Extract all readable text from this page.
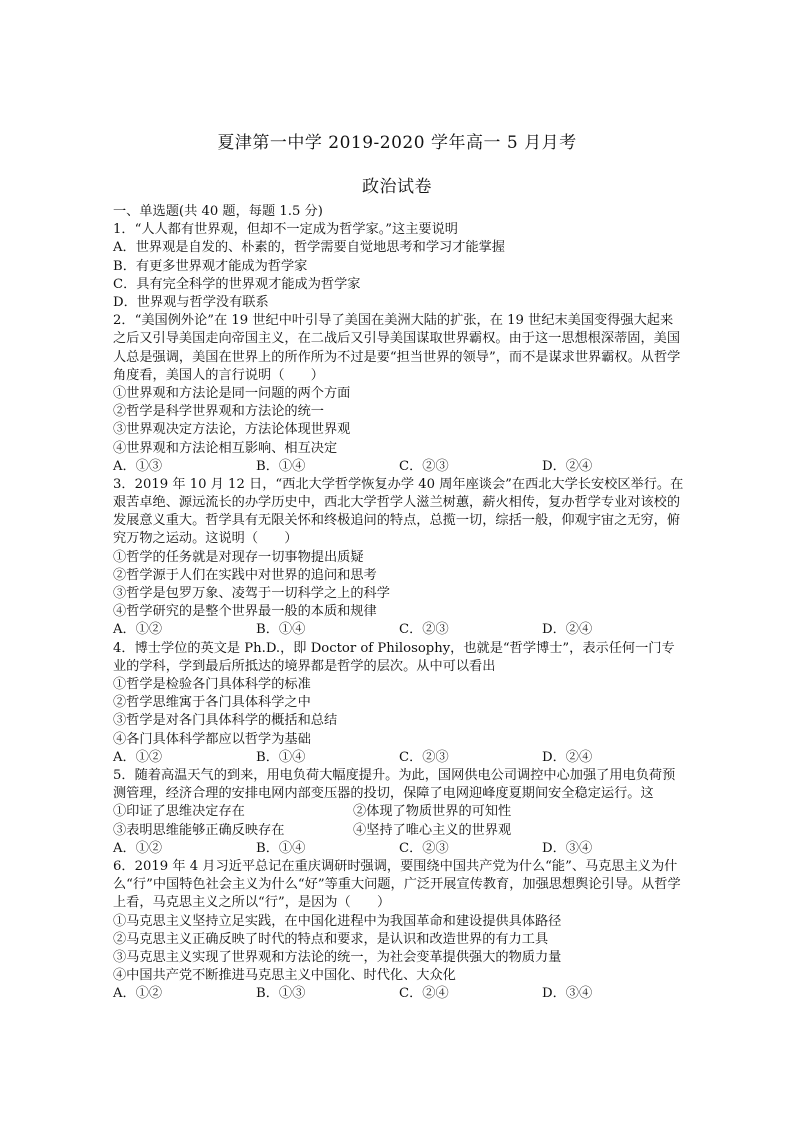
夏津第一中学 2019-2020 学年高一 5 月月考
政治试卷
一、单选题(共 40 题，每题 1.5 分)
1．“人人都有世界观，但却不一定成为哲学家。”这主要说明
A．世界观是自发的、朴素的，哲学需要自觉地思考和学习才能掌握
B．有更多世界观才能成为哲学家
C．具有完全科学的世界观才能成为哲学家
D．世界观与哲学没有联系
2．“美国例外论”在 19 世纪中叶引导了美国在美洲大陆的扩张，在 19 世纪末美国变得强大起来之后又引导美国走向帝国主义，在二战后又引导美国谋取世界霸权。由于这一思想根深蒂固，美国人总是强调，美国在世界上的所作所为不过是要“担当世界的领导”，而不是谋求世界霸权。从哲学角度看，美国人的言行说明（　　）
①世界观和方法论是同一问题的两个方面
②哲学是科学世界观和方法论的统一
③世界观决定方法论，方法论体现世界观
④世界观和方法论相互影响、相互决定
A．①③	B．①④	C．②③	D．②④
3．2019 年 10 月 12 日，“西北大学哲学恢复办学 40 周年座谈会”在西北大学长安校区举行。在艰苦卓绝、源远流长的办学历史中，西北大学哲学人滋兰树蕙，薪火相传，复办哲学专业对该校的发展意义重大。哲学具有无限关怀和终极追问的特点，总揽一切，综括一般，仰观宇宙之无穷，俯究万物之运动。这说明（　　）
①哲学的任务就是对现存一切事物提出质疑
②哲学源于人们在实践中对世界的追问和思考
③哲学是包罗万象、凌驾于一切科学之上的科学
④哲学研究的是整个世界最一般的本质和规律
A．①②	B．①④	C．②③	D．②④
4．博士学位的英文是 Ph.D.，即 Doctor of Philosophy，也就是“哲学博士”，表示任何一门专业的学科，学到最后所抵达的境界都是哲学的层次。从中可以看出
①哲学是检验各门具体科学的标准
②哲学思维寓于各门具体科学之中
③哲学是对各门具体科学的概括和总结
④各门具体科学都应以哲学为基础
A．①②	B．①④	C．②③	D．②④
5．随着高温天气的到来，用电负荷大幅度提升。为此，国网供电公司调控中心加强了用电负荷预测管理，经济合理的安排电网内部变压器的投切，保障了电网迎峰度夏期间安全稳定运行。这
①印证了思维决定存在	②体现了物质世界的可知性
③表明思维能够正确反映存在	④坚持了唯心主义的世界观
A．①②	B．①④	C．②③	D．③④
6．2019 年 4 月习近平总记在重庆调研时强调，要围绕中国共产党为什么“能”、马克思主义为什么“行”中国特色社会主义为什么“好”等重大问题，广泛开展宣传教育，加强思想舆论引导。从哲学上看，马克思主义之所以“行”，是因为（　　）
①马克思主义坚持立足实践，在中国化进程中为我国革命和建设提供具体路径
②马克思主义正确反映了时代的特点和要求，是认识和改造世界的有力工具
③马克思主义实现了世界观和方法论的统一，为社会变革提供强大的物质力量
④中国共产党不断推进马克思主义中国化、时代化、大众化
A．①②	B．①③	C．②④	D．③④
